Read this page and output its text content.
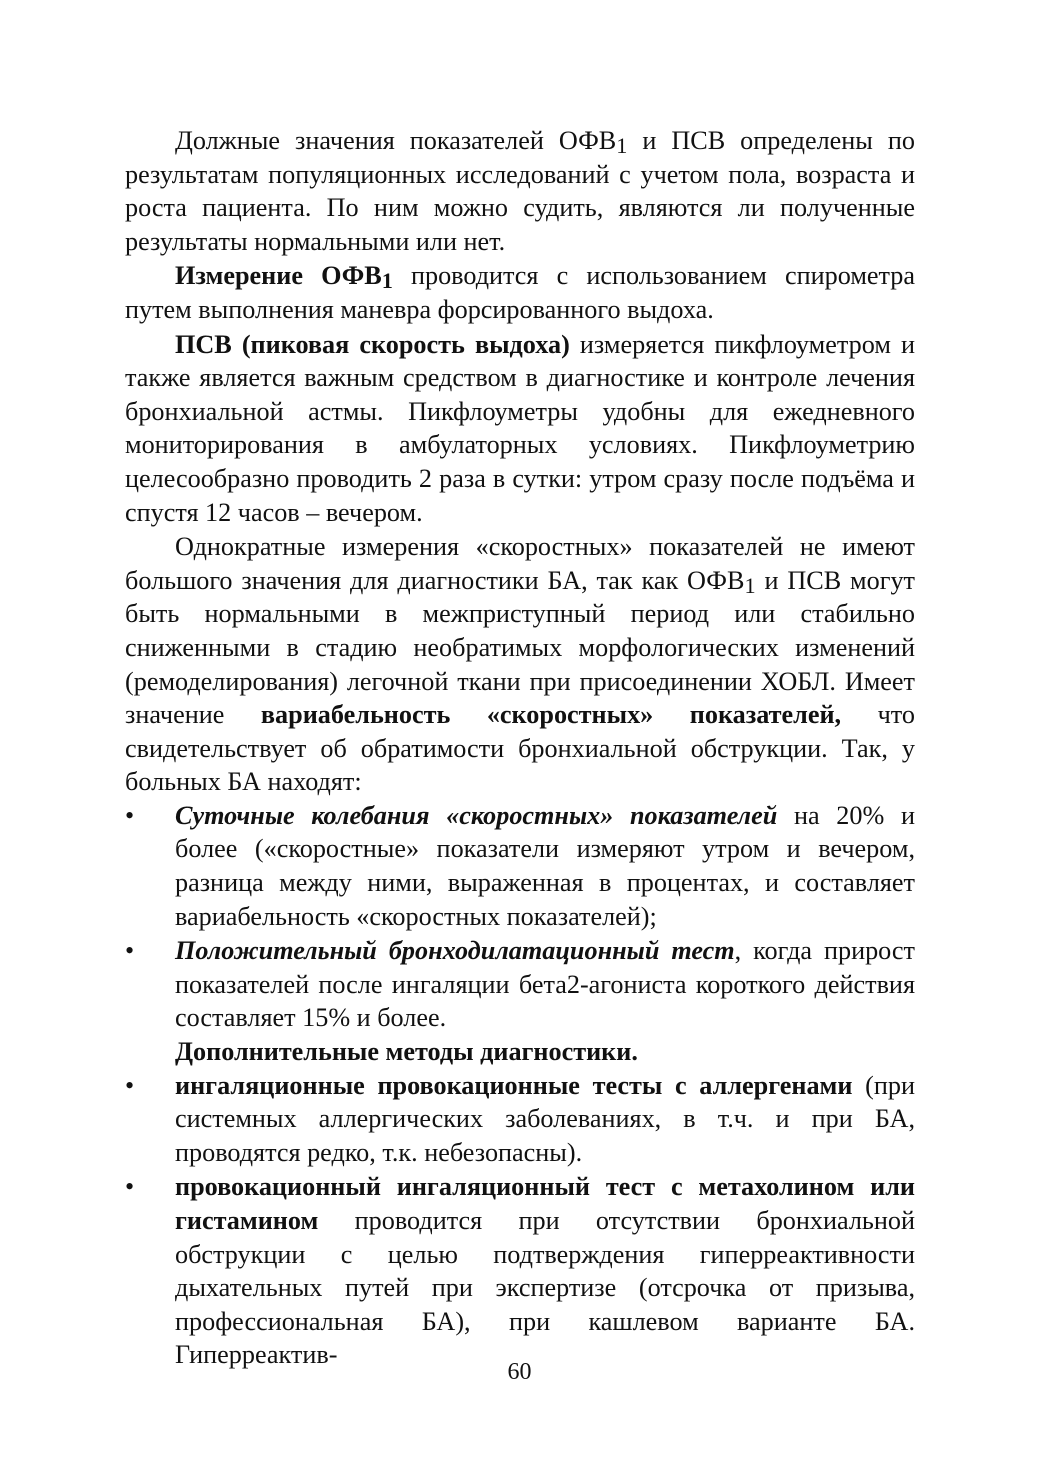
Должные значения показателей ОФВ1 и ПСВ определены по результатам популяционных исследований с учетом пола, возраста и роста пациента. По ним можно судить, являются ли полученные результаты нормальными или нет.

Измерение ОФВ1 проводится с использованием спирометра путем выполнения маневра форсированного выдоха.

ПСВ (пиковая скорость выдоха) измеряется пикфлоуметром и также является важным средством в диагностике и контроле лечения бронхиальной астмы. Пикфлоуметры удобны для ежедневного мониторирования в амбулаторных условиях. Пикфлоуметрию целесообразно проводить 2 раза в сутки: утром сразу после подъёма и спустя 12 часов – вечером.

Однократные измерения «скоростных» показателей не имеют большого значения для диагностики БА, так как ОФВ1 и ПСВ могут быть нормальными в межприступный период или стабильно сниженными в стадию необратимых морфологических изменений (ремоделирования) легочной ткани при присоединении ХОБЛ. Имеет значение вариабельность «скоростных» показателей, что свидетельствует об обратимости бронхиальной обструкции. Так, у больных БА находят:

• Суточные колебания «скоростных» показателей на 20% и более («скоростные» показатели измеряют утром и вечером, разница между ними, выраженная в процентах, и составляет вариабельность «скоростных показателей);
• Положительный бронходилатационный тест, когда прирост показателей после ингаляции бета2-агониста короткого действия составляет 15% и более.
Дополнительные методы диагностики.
• ингаляционные провокационные тесты с аллергенами (при системных аллергических заболеваниях, в т.ч. и при БА, проводятся редко, т.к. небезопасны).
• провокационный ингаляционный тест с метахолином или гистамином проводится при отсутствии бронхиальной обструкции с целью подтверждения гиперреактивности дыхательных путей при экспертизе (отсрочка от призыва, профессиональная БА), при кашлевом варианте БА. Гиперреактив-
60
